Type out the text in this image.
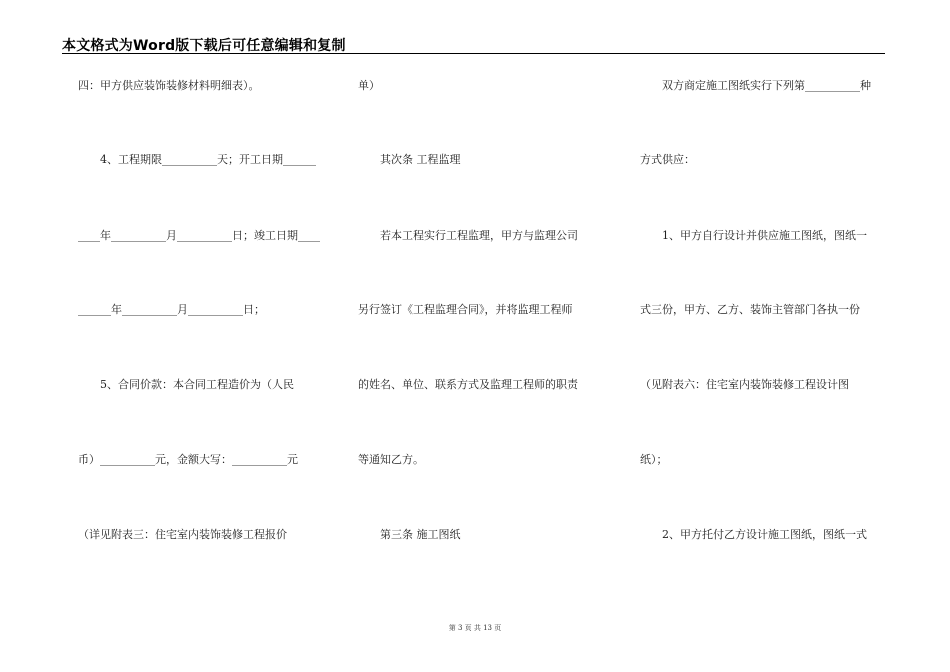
本文格式为Word版下载后可任意编辑和复制
四：甲方供应装饰装修材料明细表）。
　　4、工程期限__________天；开工日期______
____年__________月__________日；竣工日期____
______年__________月__________日；
　　5、合同价款：本合同工程造价为（人民
币）__________元，金额大写：__________元
（详见附表三：住宅室内装饰装修工程报价
单）
　　其次条 工程监理
　　若本工程实行工程监理，甲方与监理公司
另行签订《工程监理合同》，并将监理工程师
的姓名、单位、联系方式及监理工程师的职责
等通知乙方。
　　第三条 施工图纸
　　双方商定施工图纸实行下列第__________种
方式供应：
　　1、甲方自行设计并供应施工图纸，图纸一
式三份，甲方、乙方、装饰主管部门各执一份
（见附表六：住宅室内装饰装修工程设计图
纸）；
　　2、甲方托付乙方设计施工图纸，图纸一式
第 3 页 共 13 页
